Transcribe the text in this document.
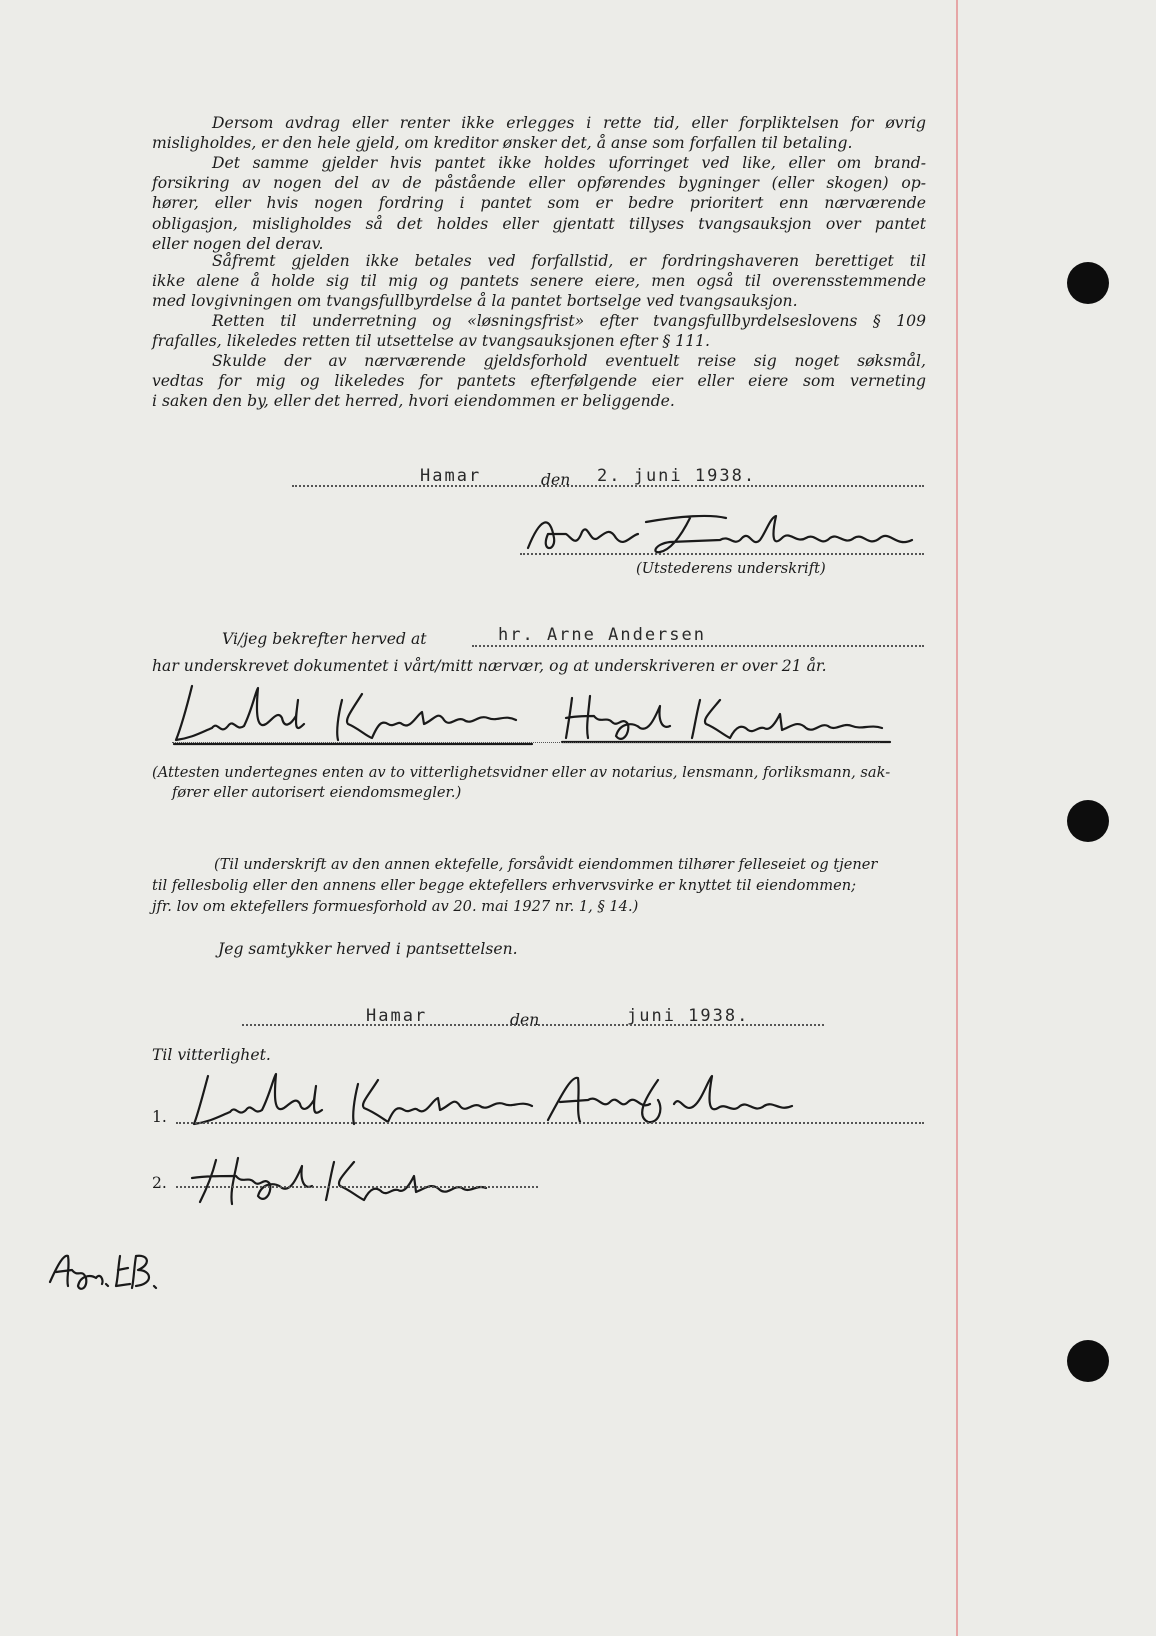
Dersom avdrag eller renter ikke erlegges i rette tid, eller forpliktelsen for øvrig
misligholdes, er den hele gjeld, om kreditor ønsker det, å anse som forfallen til betaling.
Det samme gjelder hvis pantet ikke holdes uforringet ved like, eller om brand-
forsikring av nogen del av de påstående eller opførendes bygninger (eller skogen) op-
hører, eller hvis nogen fordring i pantet som er bedre prioritert enn nærværende
obligasjon, misligholdes så det holdes eller gjentatt tillyses tvangsauksjon over pantet
eller nogen del derav.
Såfremt gjelden ikke betales ved forfallstid, er fordringshaveren berettiget til
ikke alene å holde sig til mig og pantets senere eiere, men også til overensstemmende
med lovgivningen om tvangsfullbyrdelse å la pantet bortselge ved tvangsauksjon.
Retten til underretning og «løsningsfrist» efter tvangsfullbyrdelseslovens § 109
frafalles, likeledes retten til utsettelse av tvangsauksjonen efter § 111.
Skulde der av nærværende gjeldsforhold eventuelt reise sig noget søksmål,
vedtas for mig og likeledes for pantets efterfølgende eier eller eiere som verneting
i saken den by, eller det herred, hvori eiendommen er beliggende.
Hamar	den 2. juni 1938.
(Utstederens underskrift)
Vi/jeg bekrefter herved at	hr. Arne Andersen
har underskrevet dokumentet i vårt/mitt nærvær, og at underskriveren er over 21 år.
(Attesten undertegnes enten av to vitterlighetsvidner eller av notarius, lensmann, forliksmann, sak-
fører eller autorisert eiendomsmegler.)
(Til underskrift av den annen ektefelle, forsåvidt eiendommen tilhører felleseiet og tjener
til fellesbolig eller den annens eller begge ektefellers erhvervsvirke er knyttet til eiendommen;
jfr. lov om ektefellers formuesforhold av 20. mai 1927 nr. 1, § 14.)
Jeg samtykker herved i pantsettelsen.
Hamar	den	juni 1938.
Til vitterlighet.
1.
2.
